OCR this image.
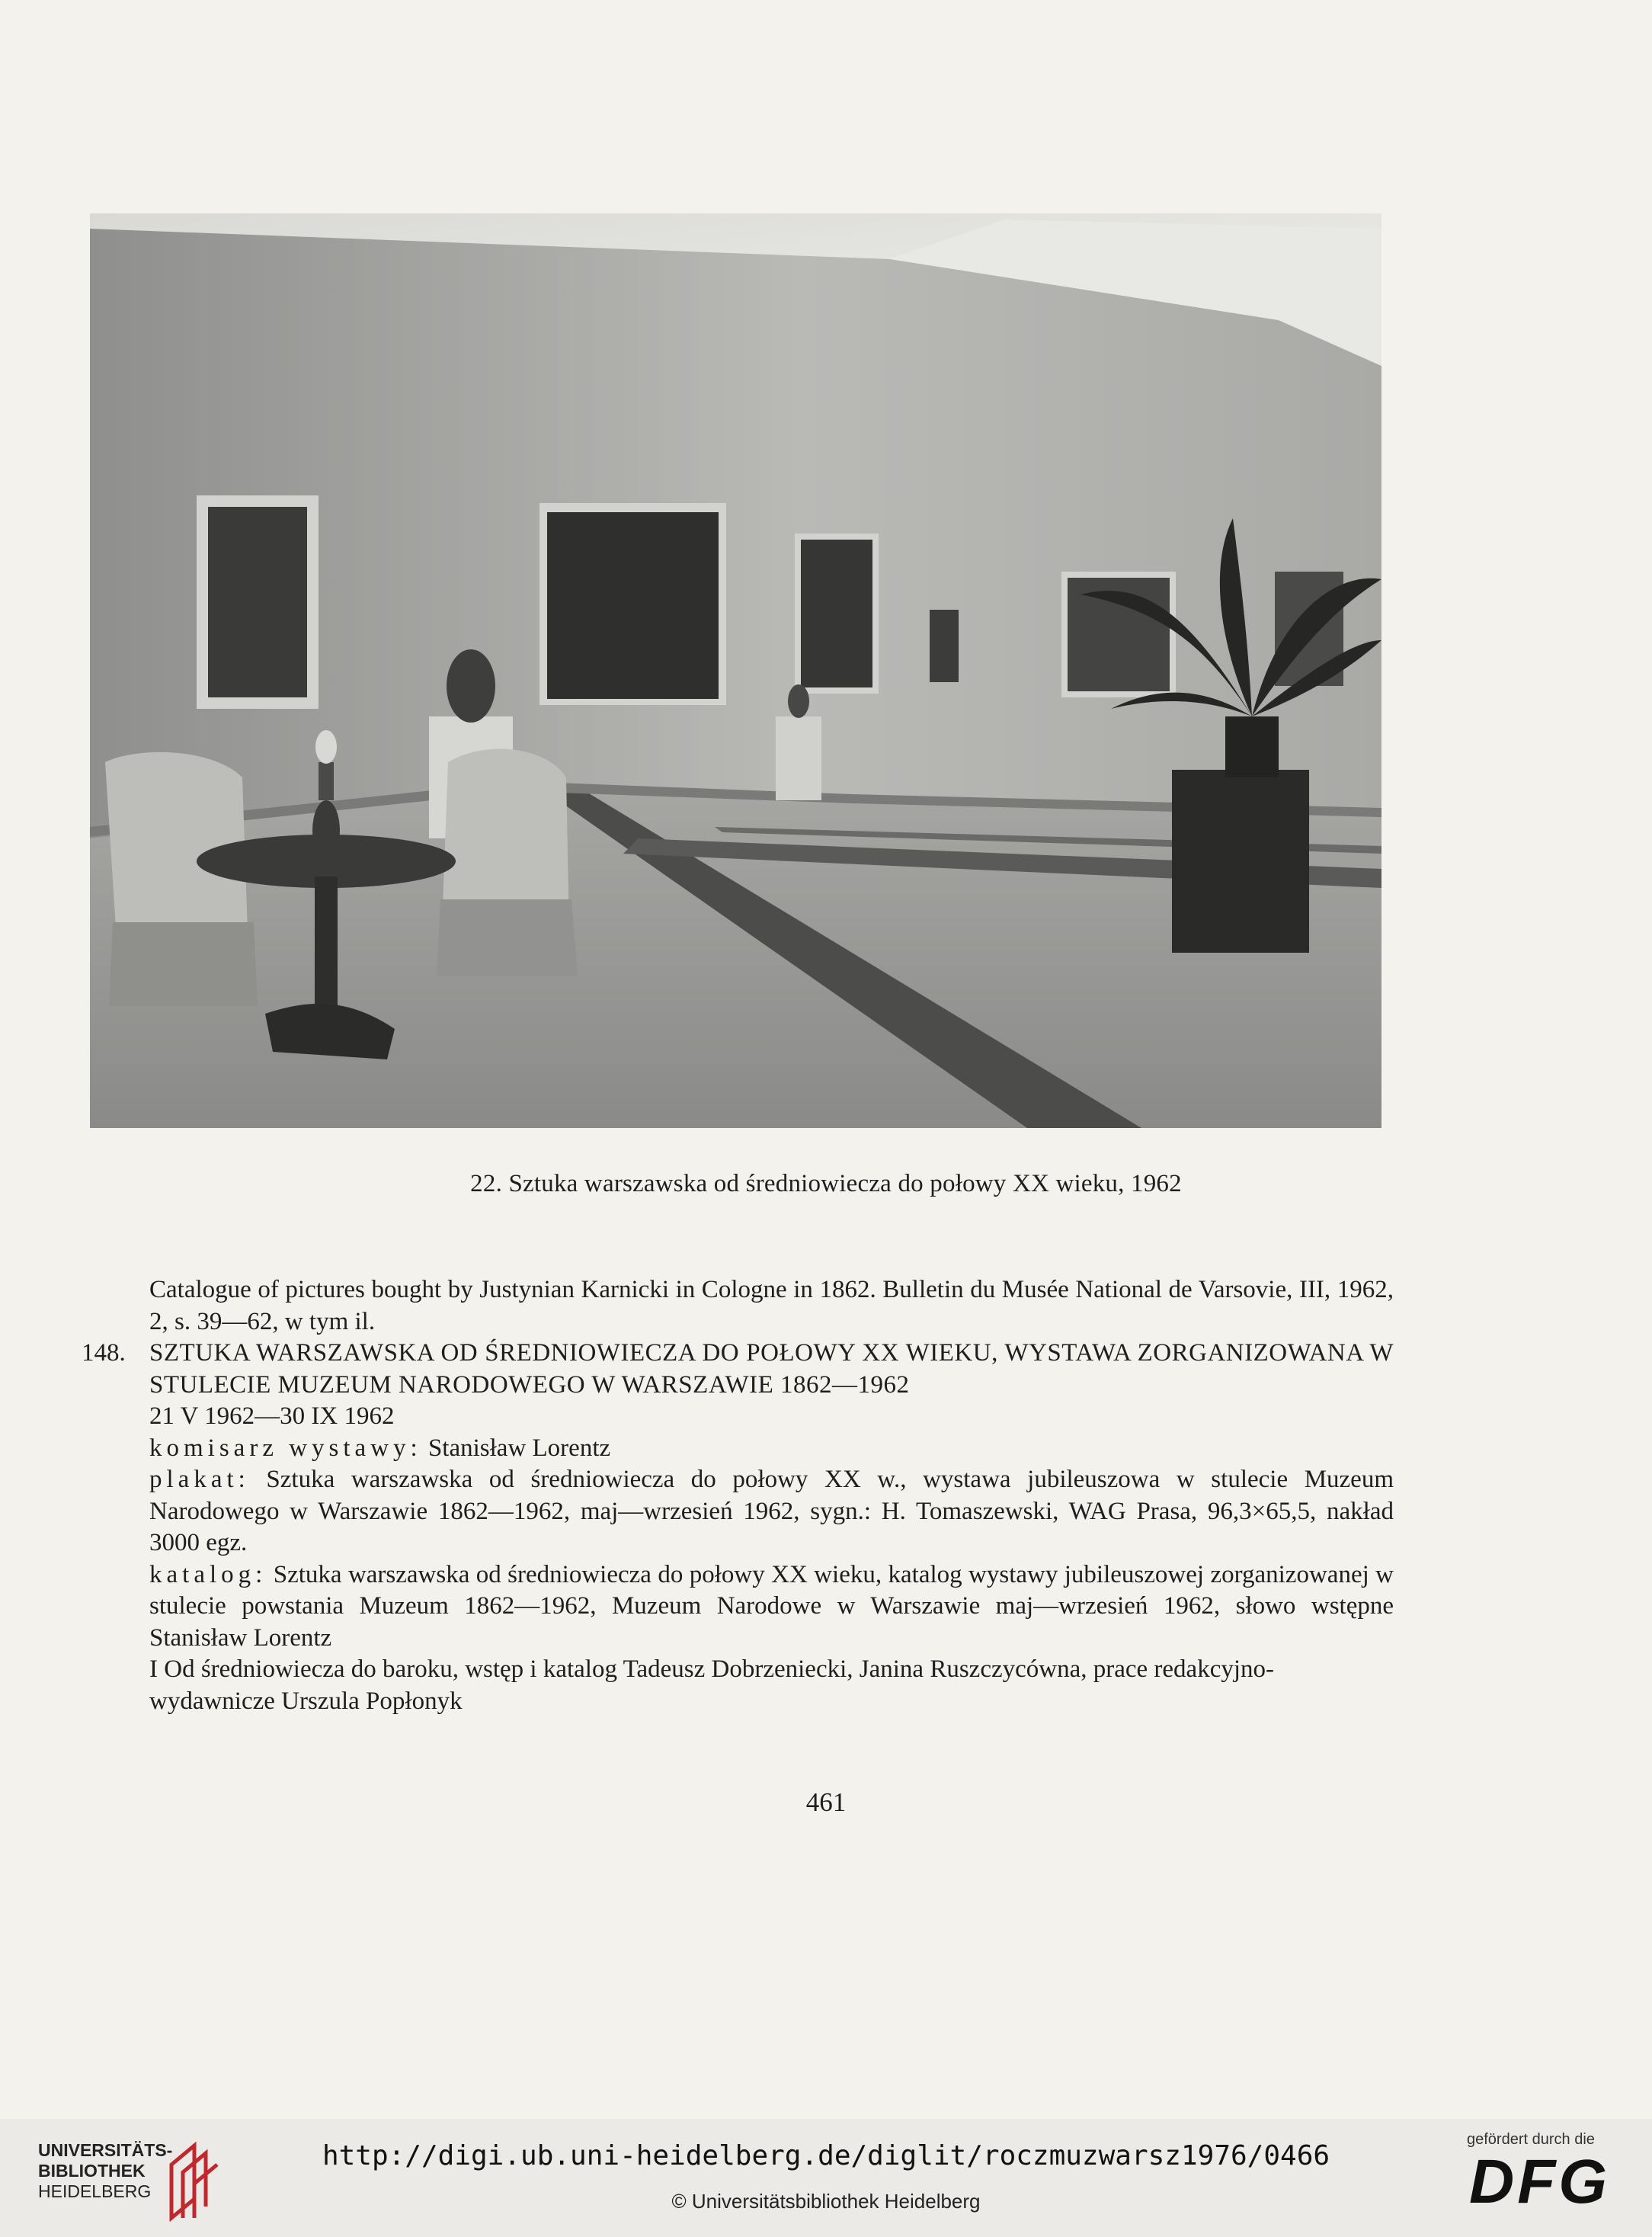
22. Sztuka warszawska od średniowiecza do połowy XX wieku, 1962

Catalogue of pictures bought by Justynian Karnicki in Cologne in 1862. Bulletin du Musée National de Varsovie, III, 1962, 2, s. 39—62, w tym il.

148. SZTUKA WARSZAWSKA OD ŚREDNIOWIECZA DO POŁOWY XX WIEKU, WYSTAWA ZORGANIZOWANA W STULECIE MUZEUM NARODOWEGO W WARSZAWIE 1862—1962

21 V 1962—30 IX 1962

komisarz wystawy: Stanisław Lorentz

plakat: Sztuka warszawska od średniowiecza do połowy XX w., wystawa jubileuszowa w stulecie Muzeum Narodowego w Warszawie 1862—1962, maj—wrzesień 1962, sygn.: H. Tomaszewski, WAG Prasa, 96,3×65,5, nakład 3000 egz.

katalog: Sztuka warszawska od średniowiecza do połowy XX wieku, katalog wystawy jubileuszowej zorganizowanej w stulecie powstania Muzeum 1862—1962, Muzeum Narodowe w Warszawie maj—wrzesień 1962, słowo wstępne Stanisław Lorentz

I Od średniowiecza do baroku, wstęp i katalog Tadeusz Dobrzeniecki, Janina Ruszczycówna, prace redakcyjno-wydawnicze Urszula Popłonyk

461
UNIVERSITÄTS-
BIBLIOTHEK
HEIDELBERG
http://digi.ub.uni-heidelberg.de/diglit/roczmuzwarsz1976/0466
© Universitätsbibliothek Heidelberg
gefördert durch die
DFG
